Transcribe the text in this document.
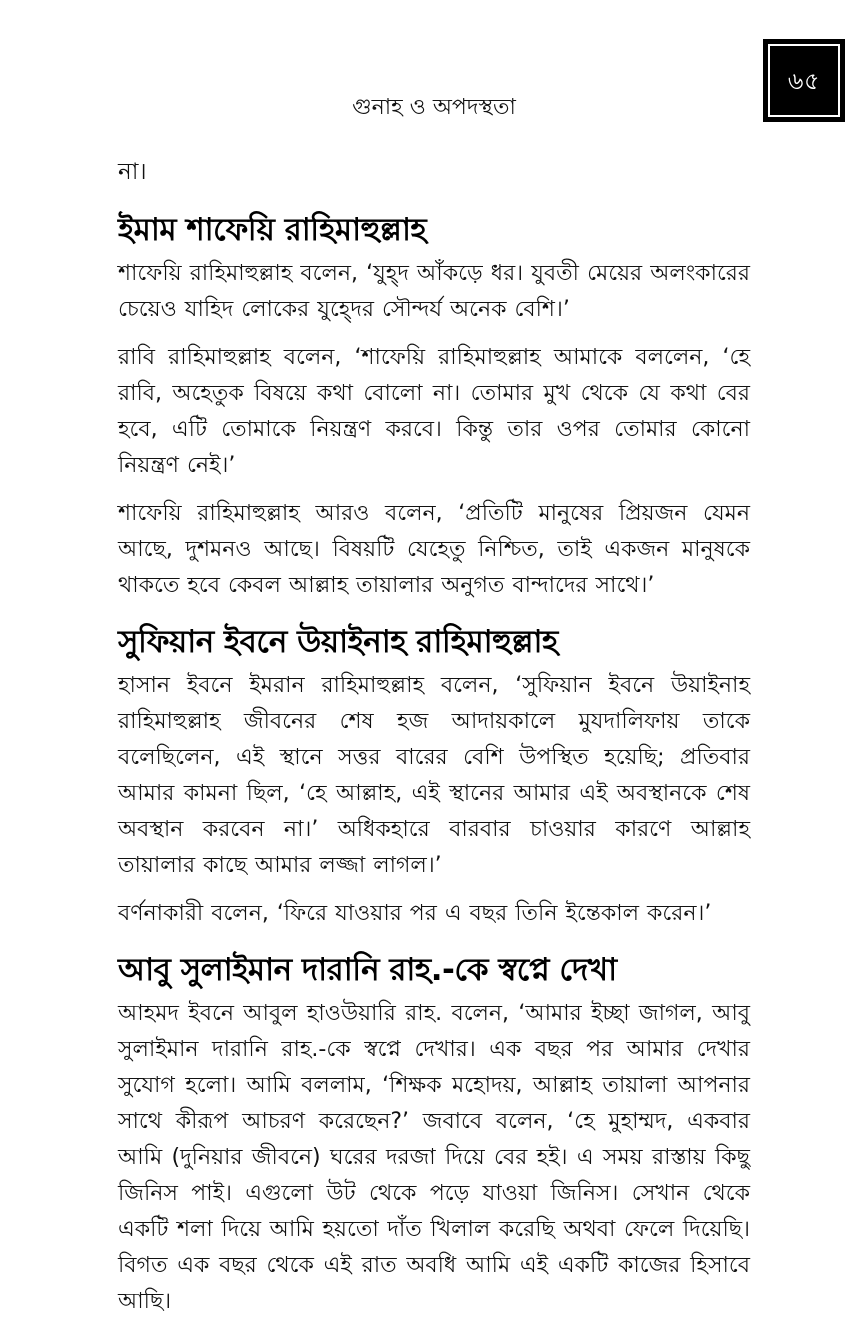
৬৫
গুনাহ ও অপদস্থতা

না।

ইমাম শাফেয়ি রাহিমাহুল্লাহ

শাফেয়ি রাহিমাহুল্লাহ বলেন, ‘যুহ্দ আঁকড়ে ধর। যুবতী মেয়ের অলংকারের চেয়েও যাহিদ লোকের যুহ্দের সৌন্দর্য অনেক বেশি।’

রাবি রাহিমাহুল্লাহ বলেন, ‘শাফেয়ি রাহিমাহুল্লাহ আমাকে বললেন, ‘হে রাবি, অহেতুক বিষয়ে কথা বোলো না। তোমার মুখ থেকে যে কথা বের হবে, এটি তোমাকে নিয়ন্ত্রণ করবে। কিন্তু তার ওপর তোমার কোনো নিয়ন্ত্রণ নেই।’

শাফেয়ি রাহিমাহুল্লাহ আরও বলেন, ‘প্রতিটি মানুষের প্রিয়জন যেমন আছে, দুশমনও আছে। বিষয়টি যেহেতু নিশ্চিত, তাই একজন মানুষকে থাকতে হবে কেবল আল্লাহ তায়ালার অনুগত বান্দাদের সাথে।’

সুফিয়ান ইবনে উয়াইনাহ রাহিমাহুল্লাহ

হাসান ইবনে ইমরান রাহিমাহুল্লাহ বলেন, ‘সুফিয়ান ইবনে উয়াইনাহ রাহিমাহুল্লাহ জীবনের শেষ হজ আদায়কালে মুযদালিফায় তাকে বলেছিলেন, এই স্থানে সত্তর বারের বেশি উপস্থিত হয়েছি; প্রতিবার আমার কামনা ছিল, ‘হে আল্লাহ, এই স্থানের আমার এই অবস্থানকে শেষ অবস্থান করবেন না।’ অধিকহারে বারবার চাওয়ার কারণে আল্লাহ তায়ালার কাছে আমার লজ্জা লাগল।’

বর্ণনাকারী বলেন, ‘ফিরে যাওয়ার পর এ বছর তিনি ইন্তেকাল করেন।’

আবু সুলাইমান দারানি রাহ.-কে স্বপ্নে দেখা

আহমদ ইবনে আবুল হাওউয়ারি রাহ. বলেন, ‘আমার ইচ্ছা জাগল, আবু সুলাইমান দারানি রাহ.-কে স্বপ্নে দেখার। এক বছর পর আমার দেখার সুযোগ হলো। আমি বললাম, ‘শিক্ষক মহোদয়, আল্লাহ তায়ালা আপনার সাথে কীরূপ আচরণ করেছেন?’ জবাবে বলেন, ‘হে মুহাম্মদ, একবার আমি (দুনিয়ার জীবনে) ঘরের দরজা দিয়ে বের হই। এ সময় রাস্তায় কিছু জিনিস পাই। এগুলো উট থেকে পড়ে যাওয়া জিনিস। সেখান থেকে একটি শলা দিয়ে আমি হয়তো দাঁত খিলাল করেছি অথবা ফেলে দিয়েছি। বিগত এক বছর থেকে এই রাত অবধি আমি এই একটি কাজের হিসাবে আছি।
